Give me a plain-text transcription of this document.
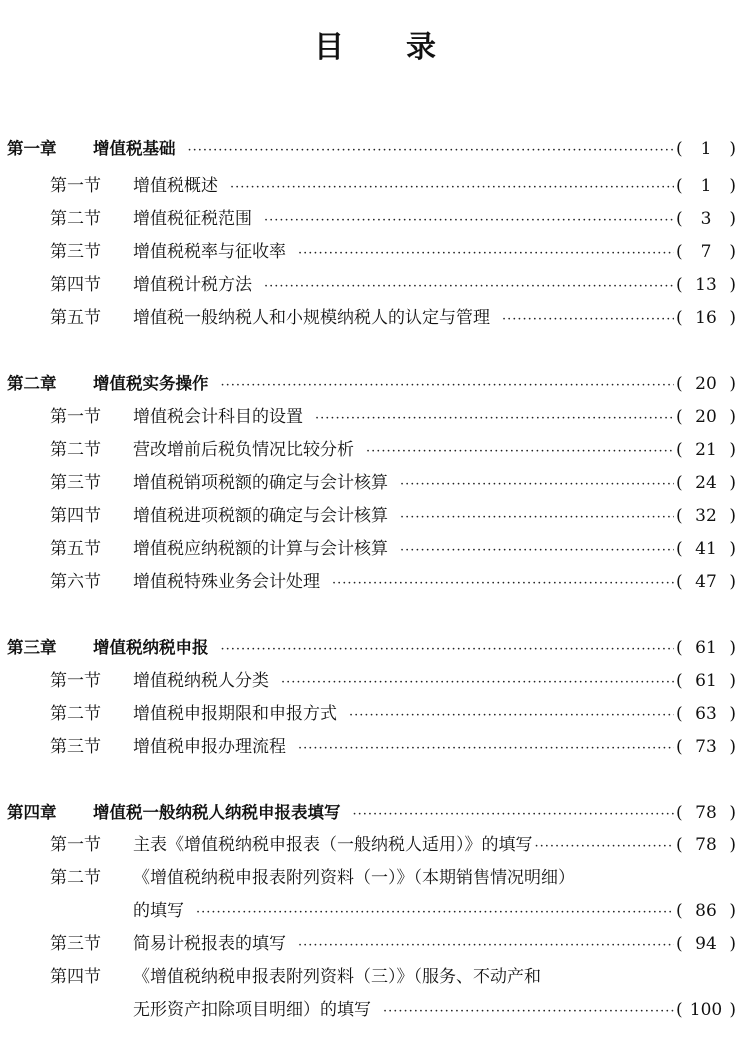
目 录
第一章 增值税基础 ·····	(	1	)
第一节 增值税概述 ·····	(	1	)
第二节 增值税征税范围 ·····	(	3	)
第三节 增值税税率与征收率 ·····	(	7	)
第四节 增值税计税方法 ·····	( 13 )
第五节 增值税一般纳税人和小规模纳税人的认定与管理 ·····	( 16 )
第二章 增值税实务操作 ·····	( 20 )
第一节 增值税会计科目的设置 ·····	( 20 )
第二节 营改增前后税负情况比较分析 ·····	( 21 )
第三节 增值税销项税额的确定与会计核算 ·····	( 24 )
第四节 增值税进项税额的确定与会计核算 ·····	( 32 )
第五节 增值税应纳税额的计算与会计核算 ·····	( 41 )
第六节 增值税特殊业务会计处理 ·····	( 47 )
第三章 增值税纳税申报 ·····	( 61 )
第一节 增值税纳税人分类 ·····	( 61 )
第二节 增值税申报期限和申报方式 ·····	( 63 )
第三节 增值税申报办理流程 ·····	( 73 )
第四章 增值税一般纳税人纳税申报表填写 ·····	( 78 )
第一节 主表《增值税纳税申报表（一般纳税人适用）》的填写 ·····	( 78 )
第二节 《增值税纳税申报表附列资料（一）》（本期销售情况明细）
的填写 ·····	( 86 )
第三节 简易计税报表的填写 ·····	( 94 )
第四节 《增值税纳税申报表附列资料（三）》（服务、不动产和
无形资产扣除项目明细）的填写 ·····	( 100 )
